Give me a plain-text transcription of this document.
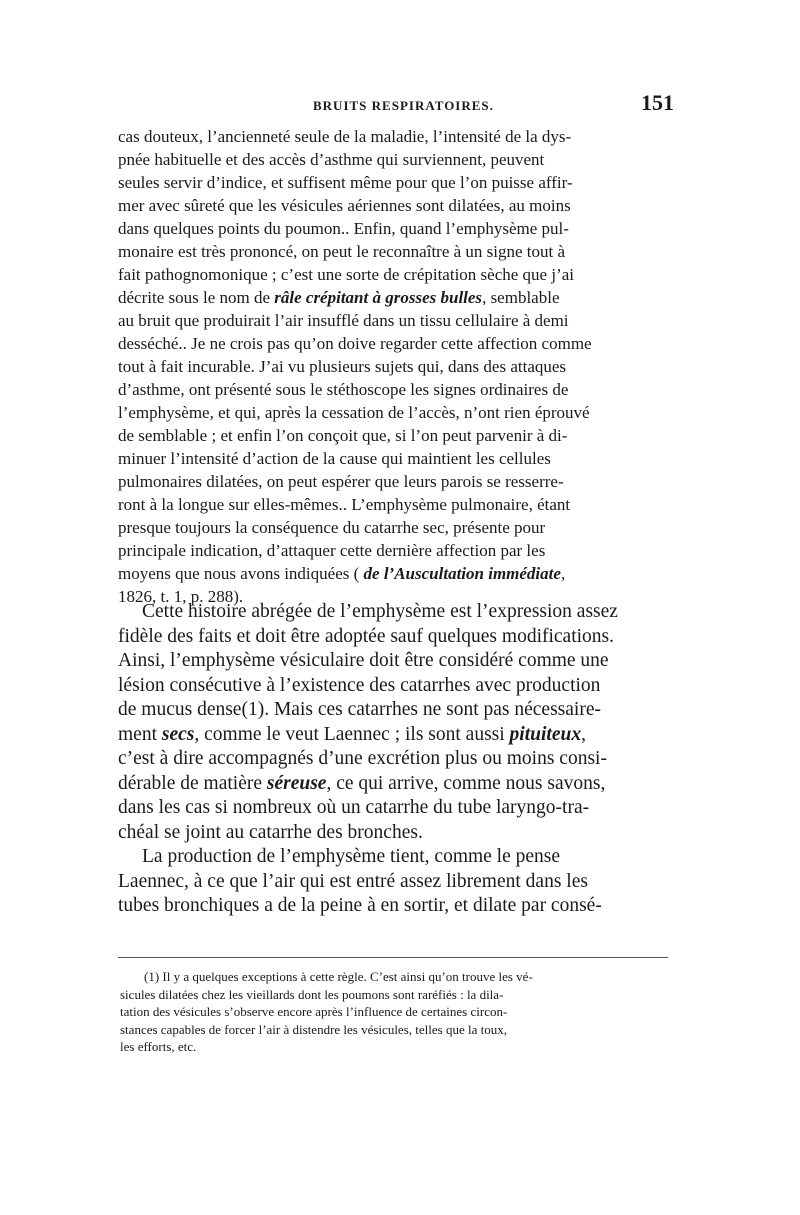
BRUITS RESPIRATOIRES.	151
cas douteux, l’ancienneté seule de la maladie, l’intensité de la dys-
pnée habituelle et des accès d’asthme qui surviennent, peuvent
seules servir d’indice, et suffisent même pour que l’on puisse affir-
mer avec sûreté que les vésicules aériennes sont dilatées, au moins
dans quelques points du poumon.. Enfin, quand l’emphysème pul-
monaire est très prononcé, on peut le reconnaître à un signe tout à
fait pathognomonique ; c’est une sorte de crépitation sèche que j’ai
décrite sous le nom de râle crépitant à grosses bulles, semblable
au bruit que produirait l’air insufflé dans un tissu cellulaire à demi
desséché.. Je ne crois pas qu’on doive regarder cette affection comme
tout à fait incurable. J’ai vu plusieurs sujets qui, dans des attaques
d’asthme, ont présenté sous le stéthoscope les signes ordinaires de
l’emphysème, et qui, après la cessation de l’accès, n’ont rien éprouvé
de semblable ; et enfin l’on conçoit que, si l’on peut parvenir à di-
minuer l’intensité d’action de la cause qui maintient les cellules
pulmonaires dilatées, on peut espérer que leurs parois se resserre-
ront à la longue sur elles-mêmes.. L’emphysème pulmonaire, étant
presque toujours la conséquence du catarrhe sec, présente pour
principale indication, d’attaquer cette dernière affection par les
moyens que nous avons indiquées ( de l’Auscultation immédiate,
1826, t. 1, p. 288).
Cette histoire abrégée de l’emphysème est l’expression assez
fidèle des faits et doit être adoptée sauf quelques modifications.
Ainsi, l’emphysème vésiculaire doit être considéré comme une
lésion consécutive à l’existence des catarrhes avec production
de mucus dense(1). Mais ces catarrhes ne sont pas nécessaire-
ment secs, comme le veut Laennec ; ils sont aussi pituiteux,
c’est à dire accompagnés d’une excrétion plus ou moins consi-
dérable de matière séreuse, ce qui arrive, comme nous savons,
dans les cas si nombreux où un catarrhe du tube laryngo-tra-
chéal se joint au catarrhe des bronches.
La production de l’emphysème tient, comme le pense
Laennec, à ce que l’air qui est entré assez librement dans les
tubes bronchiques a de la peine à en sortir, et dilate par consé-
(1) Il y a quelques exceptions à cette règle. C’est ainsi qu’on trouve les vé-
sicules dilatées chez les vieillards dont les poumons sont raréfiés : la dila-
tation des vésicules s’observe encore après l’influence de certaines circon-
stances capables de forcer l’air à distendre les vésicules, telles que la toux,
les efforts, etc.
